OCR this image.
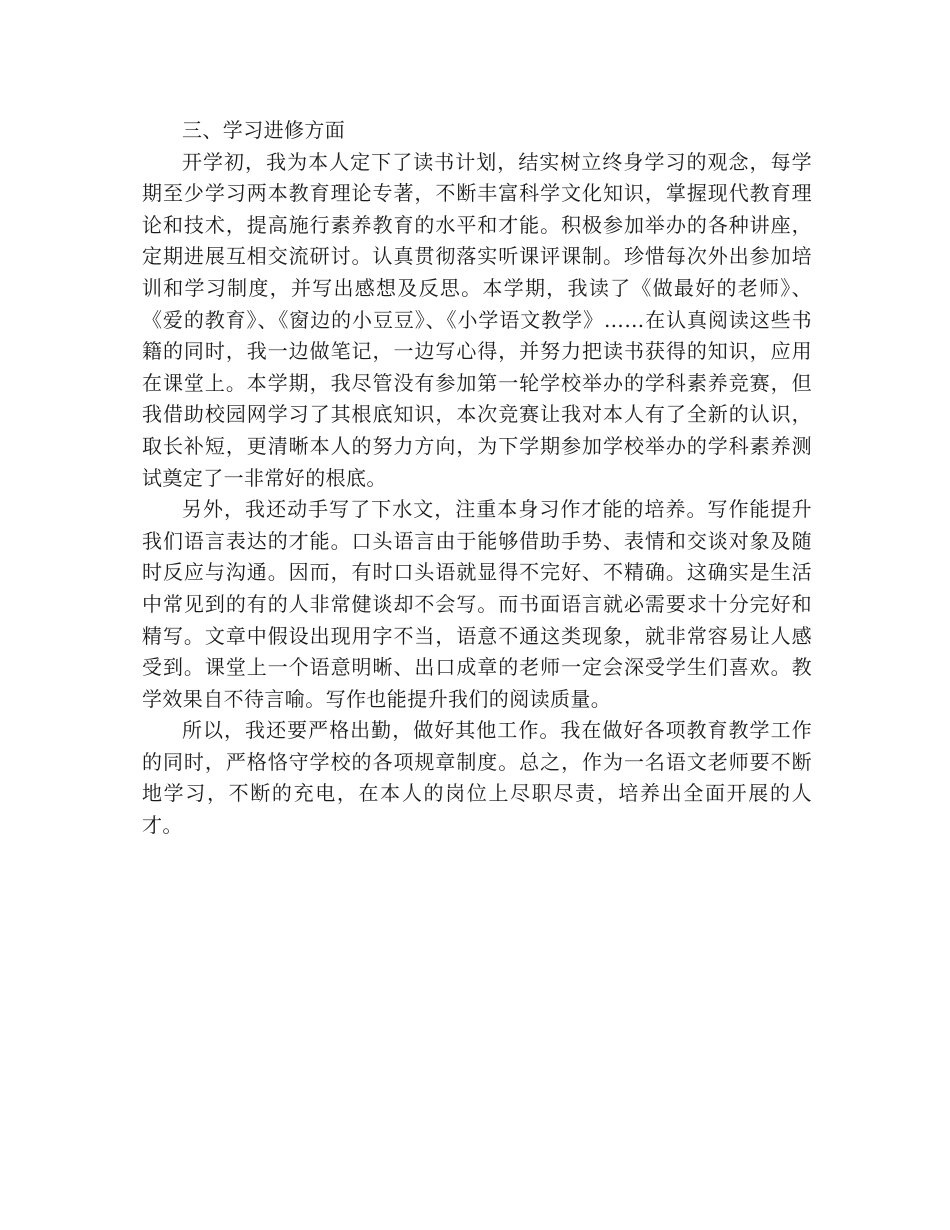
三、学习进修方面

开学初，我为本人定下了读书计划，结实树立终身学习的观念，每学期至少学习两本教育理论专著，不断丰富科学文化知识，掌握现代教育理论和技术，提高施行素养教育的水平和才能。积极参加举办的各种讲座，定期进展互相交流研讨。认真贯彻落实听课评课制。珍惜每次外出参加培训和学习制度，并写出感想及反思。本学期，我读了《做最好的老师》、《爱的教育》、《窗边的小豆豆》、《小学语文教学》……在认真阅读这些书籍的同时，我一边做笔记，一边写心得，并努力把读书获得的知识，应用在课堂上。本学期，我尽管没有参加第一轮学校举办的学科素养竞赛，但我借助校园网学习了其根底知识，本次竞赛让我对本人有了全新的认识，取长补短，更清晰本人的努力方向，为下学期参加学校举办的学科素养测试奠定了一非常好的根底。

另外，我还动手写了下水文，注重本身习作才能的培养。写作能提升我们语言表达的才能。口头语言由于能够借助手势、表情和交谈对象及随时反应与沟通。因而，有时口头语就显得不完好、不精确。这确实是生活中常见到的有的人非常健谈却不会写。而书面语言就必需要求十分完好和精写。文章中假设出现用字不当，语意不通这类现象，就非常容易让人感受到。课堂上一个语意明晰、出口成章的老师一定会深受学生们喜欢。教学效果自不待言喻。写作也能提升我们的阅读质量。

所以，我还要严格出勤，做好其他工作。我在做好各项教育教学工作的同时，严格恪守学校的各项规章制度。总之，作为一名语文老师要不断地学习，不断的充电，在本人的岗位上尽职尽责，培养出全面开展的人才。
